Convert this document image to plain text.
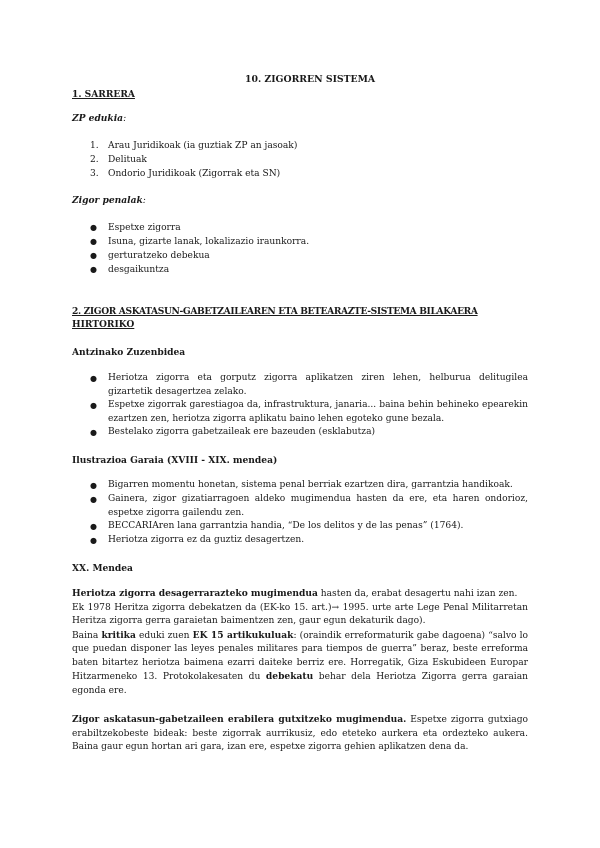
10. ZIGORREN SISTEMA

1. SARRERA

ZP edukia:

1. Arau Juridikoak (ia guztiak ZP an jasoak)
2. Delituak
3. Ondorio Juridikoak (Zigorrak eta SN)

Zigor penalak:

● Espetxe zigorra
● Isuna, gizarte lanak, lokalizazio iraunkorra.
● gerturatzeko debekua
● desgaikuntza

2. ZIGOR ASKATASUN-GABETZAILEAREN ETA BETEARAZTE-SISTEMA BILAKAERA

HIRTORIKO

Antzinako Zuzenbidea

● Heriotza zigorra eta gorputz zigorra aplikatzen ziren lehen, helburua delitugilea
gizartetik desagertzea zelako.
● Espetxe zigorrak garestiagoa da, infrastruktura, janaria... baina behin behineko epearekin
ezartzen zen, heriotza zigorra aplikatu baino lehen egoteko gune bezala.
● Bestelako zigorra gabetzaileak ere bazeuden (esklabutza)

Ilustrazioa Garaia (XVIII - XIX. mendea)

● Bigarren momentu honetan, sistema penal berriak ezartzen dira, garrantzia handikoak.
● Gainera, zigor gizatiarragoen aldeko mugimendua hasten da ere, eta haren ondorioz,
espetxe zigorra gailendu zen.
● BECCARIAren lana garrantzia handia, “De los delitos y de las penas” (1764).
● Heriotza zigorra ez da guztiz desagertzen.

XX. Mendea

Heriotza zigorra desagerrarazteko mugimendua hasten da, erabat desagertu nahi izan zen.
Ek 1978 Heritza zigorra debekatzen da (EK-ko 15. art.)→ 1995. urte arte Lege Penal Militarretan
Heritza zigorra gerra garaietan baimentzen zen, gaur egun dekaturik dago).
Baina kritika eduki zuen EK 15 artikukuluak: (oraindik erreformaturik gabe dagoena) “salvo lo
que puedan disponer las leyes penales militares para tiempos de guerra” beraz, beste erreforma
baten bitartez heriotza baimena ezarri daiteke berriz ere. Horregatik, Giza Eskubideen Europar
Hitzarmeneko 13. Protokolakesaten du debekatu behar dela Heriotza Zigorra gerra garaian
egonda ere.
Zigor askatasun-gabetzaileen erabilera gutxitzeko mugimendua. Espetxe zigorra gutxiago
erabiltzekobeste bideak: beste zigorrak aurrikusiz, edo eteteko aurkera eta ordezteko aukera.
Baina gaur egun hortan ari gara, izan ere, espetxe zigorra gehien aplikatzen dena da.
